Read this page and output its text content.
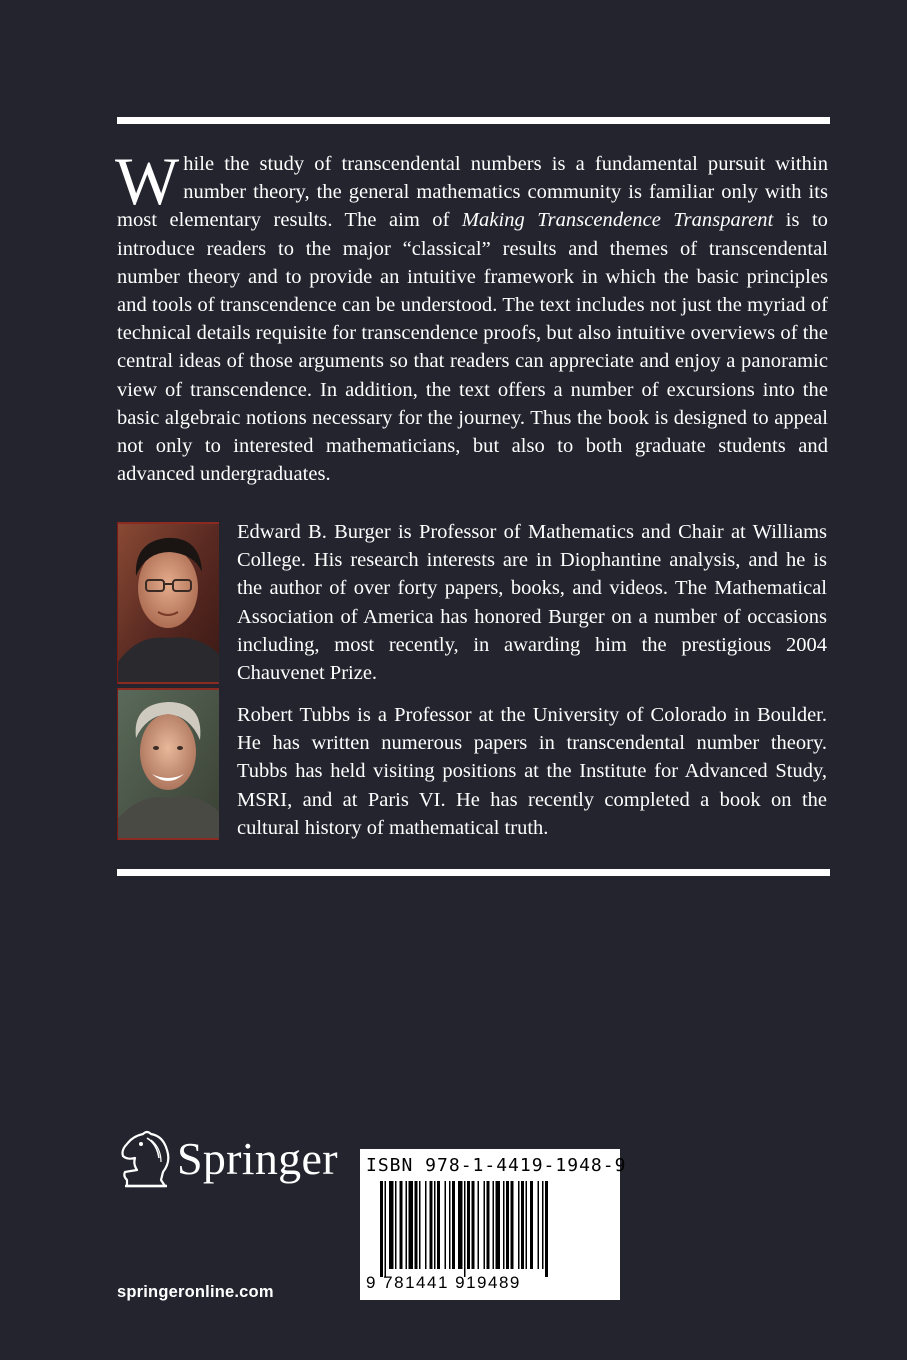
While the study of transcendental numbers is a fundamental pursuit within number theory, the general mathematics community is familiar only with its most elementary results. The aim of Making Transcendence Transparent is to introduce readers to the major “classical” results and themes of transcendental number theory and to provide an intuitive framework in which the basic principles and tools of transcendence can be understood. The text includes not just the myriad of technical details requisite for transcendence proofs, but also intuitive overviews of the central ideas of those arguments so that readers can appreciate and enjoy a panoramic view of transcendence. In addition, the text offers a number of excursions into the basic algebraic notions necessary for the journey. Thus the book is designed to appeal not only to interested mathematicians, but also to both graduate students and advanced undergraduates.
Edward B. Burger is Professor of Mathematics and Chair at Williams College. His research interests are in Diophantine analysis, and he is the author of over forty papers, books, and videos. The Mathematical Association of America has honored Burger on a number of occasions including, most recently, in awarding him the prestigious 2004 Chauvenet Prize.
Robert Tubbs is a Professor at the University of Colorado in Boulder. He has written numerous papers in transcendental number theory. Tubbs has held visiting positions at the Institute for Advanced Study, MSRI, and at Paris VI. He has recently completed a book on the cultural history of mathematical truth.
Springer
springeronline.com
ISBN 978-1-4419-1948-9
9 781441 919489
